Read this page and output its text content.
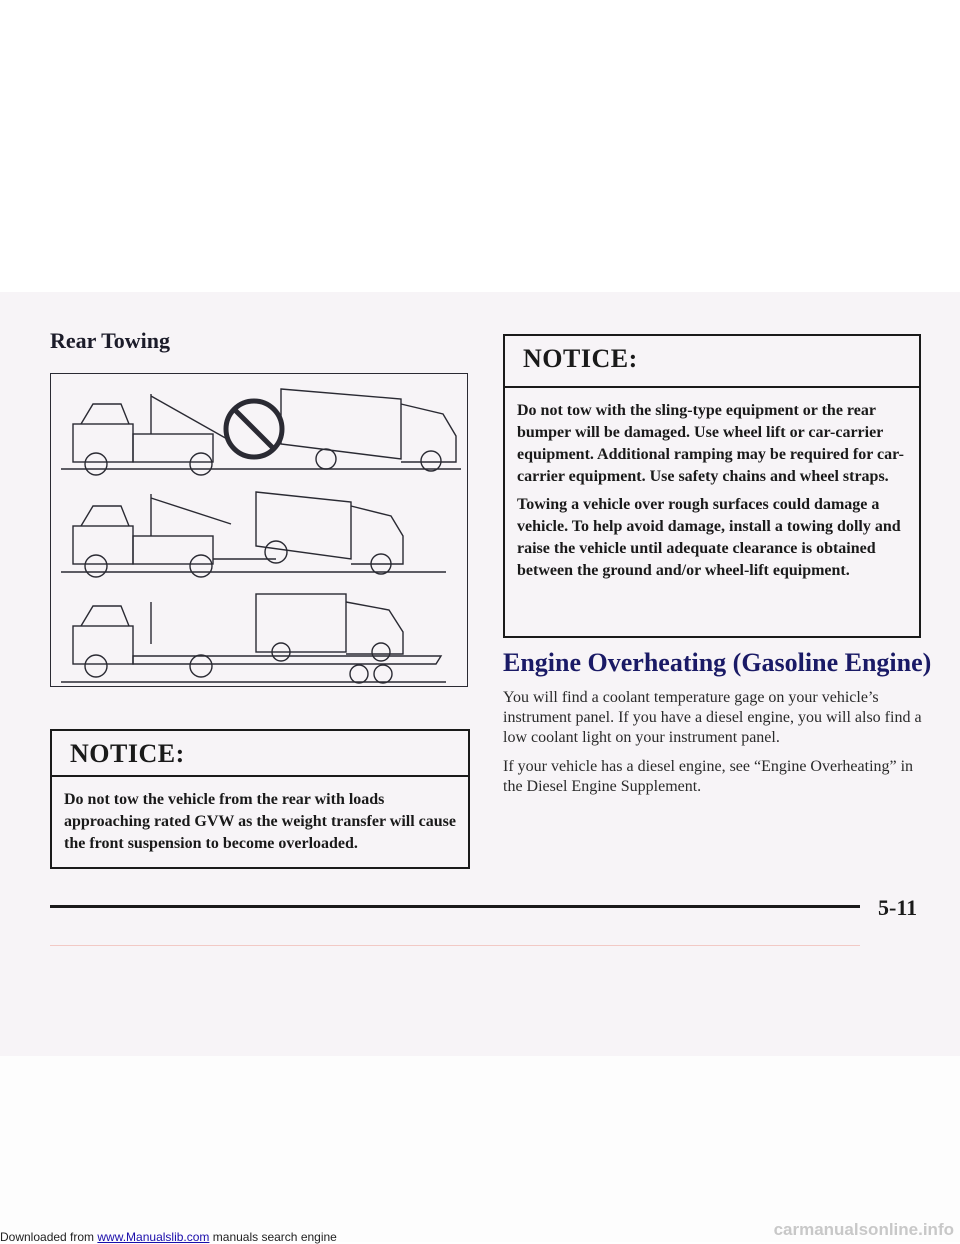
Rear Towing
NOTICE:

Do not tow the vehicle from the rear with loads approaching rated GVW as the weight transfer will cause the front suspension to become overloaded.

NOTICE:

Do not tow with the sling-type equipment or the rear bumper will be damaged. Use wheel lift or car-carrier equipment. Additional ramping may be required for car-carrier equipment. Use safety chains and wheel straps.

Towing a vehicle over rough surfaces could damage a vehicle. To help avoid damage, install a towing dolly and raise the vehicle until adequate clearance is obtained between the ground and/or wheel-lift equipment.

Engine Overheating (Gasoline Engine)

You will find a coolant temperature gage on your vehicle’s instrument panel. If you have a diesel engine, you will also find a low coolant light on your instrument panel.

If your vehicle has a diesel engine, see “Engine Overheating” in the Diesel Engine Supplement.

5-11
Downloaded from www.Manualslib.com manuals search engine	carmanualsonline.info
